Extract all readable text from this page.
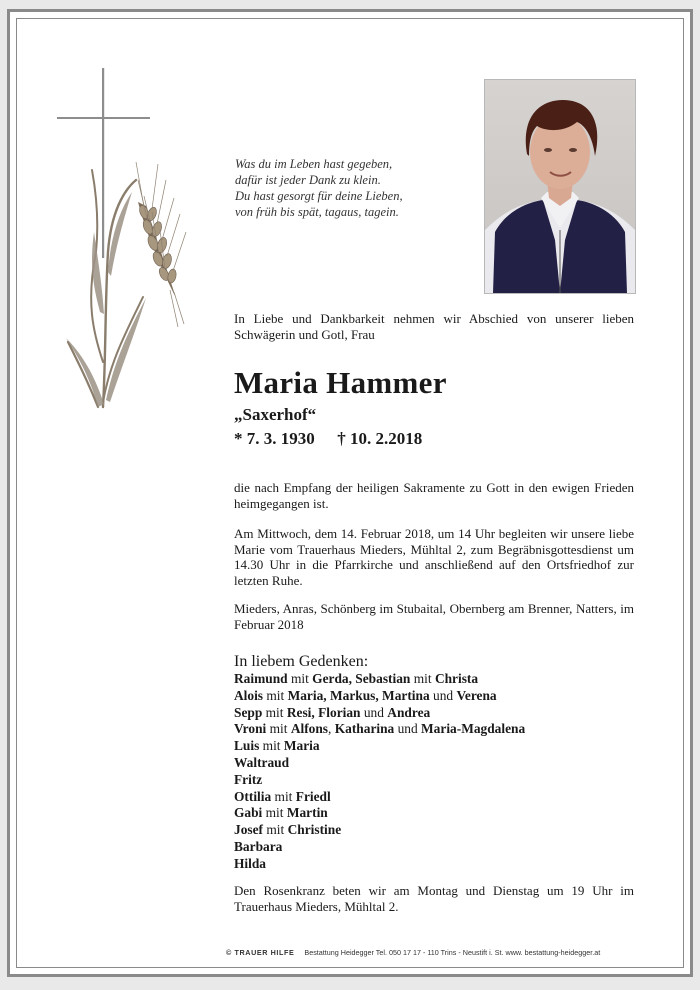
Was du im Leben hast gegeben,
dafür ist jeder Dank zu klein.
Du hast gesorgt für deine Lieben,
von früh bis spät, tagaus, tagein.
In Liebe und Dankbarkeit nehmen wir Abschied von unserer lieben Schwägerin und Gotl, Frau
Maria Hammer
„Saxerhof“
* 7. 3. 1930 † 10. 2.2018
die nach Empfang der heiligen Sakramente zu Gott in den ewigen Frieden heimgegangen ist.
Am Mittwoch, dem 14. Februar 2018, um 14 Uhr begleiten wir unsere liebe Marie vom Trauerhaus Mieders, Mühltal 2, zum Begräbnisgottesdienst um 14.30 Uhr in die Pfarrkirche und anschließend auf den Ortsfriedhof zur letzten Ruhe.
Mieders, Anras, Schönberg im Stubaital, Obernberg am Brenner, Natters, im Februar 2018
In liebem Gedenken:
Raimund mit Gerda, Sebastian mit Christa
Alois mit Maria, Markus, Martina und Verena
Sepp mit Resi, Florian und Andrea
Vroni mit Alfons, Katharina und Maria-Magdalena
Luis mit Maria
Waltraud
Fritz
Ottilia mit Friedl
Gabi mit Martin
Josef mit Christine
Barbara
Hilda
Den Rosenkranz beten wir am Montag und Dienstag um 19 Uhr im Trauerhaus Mieders, Mühltal 2.
© TRAUER HILFE Bestattung Heidegger Tel. 050 17 17 - 110 Trins - Neustift i. St. www. bestattung-heidegger.at
